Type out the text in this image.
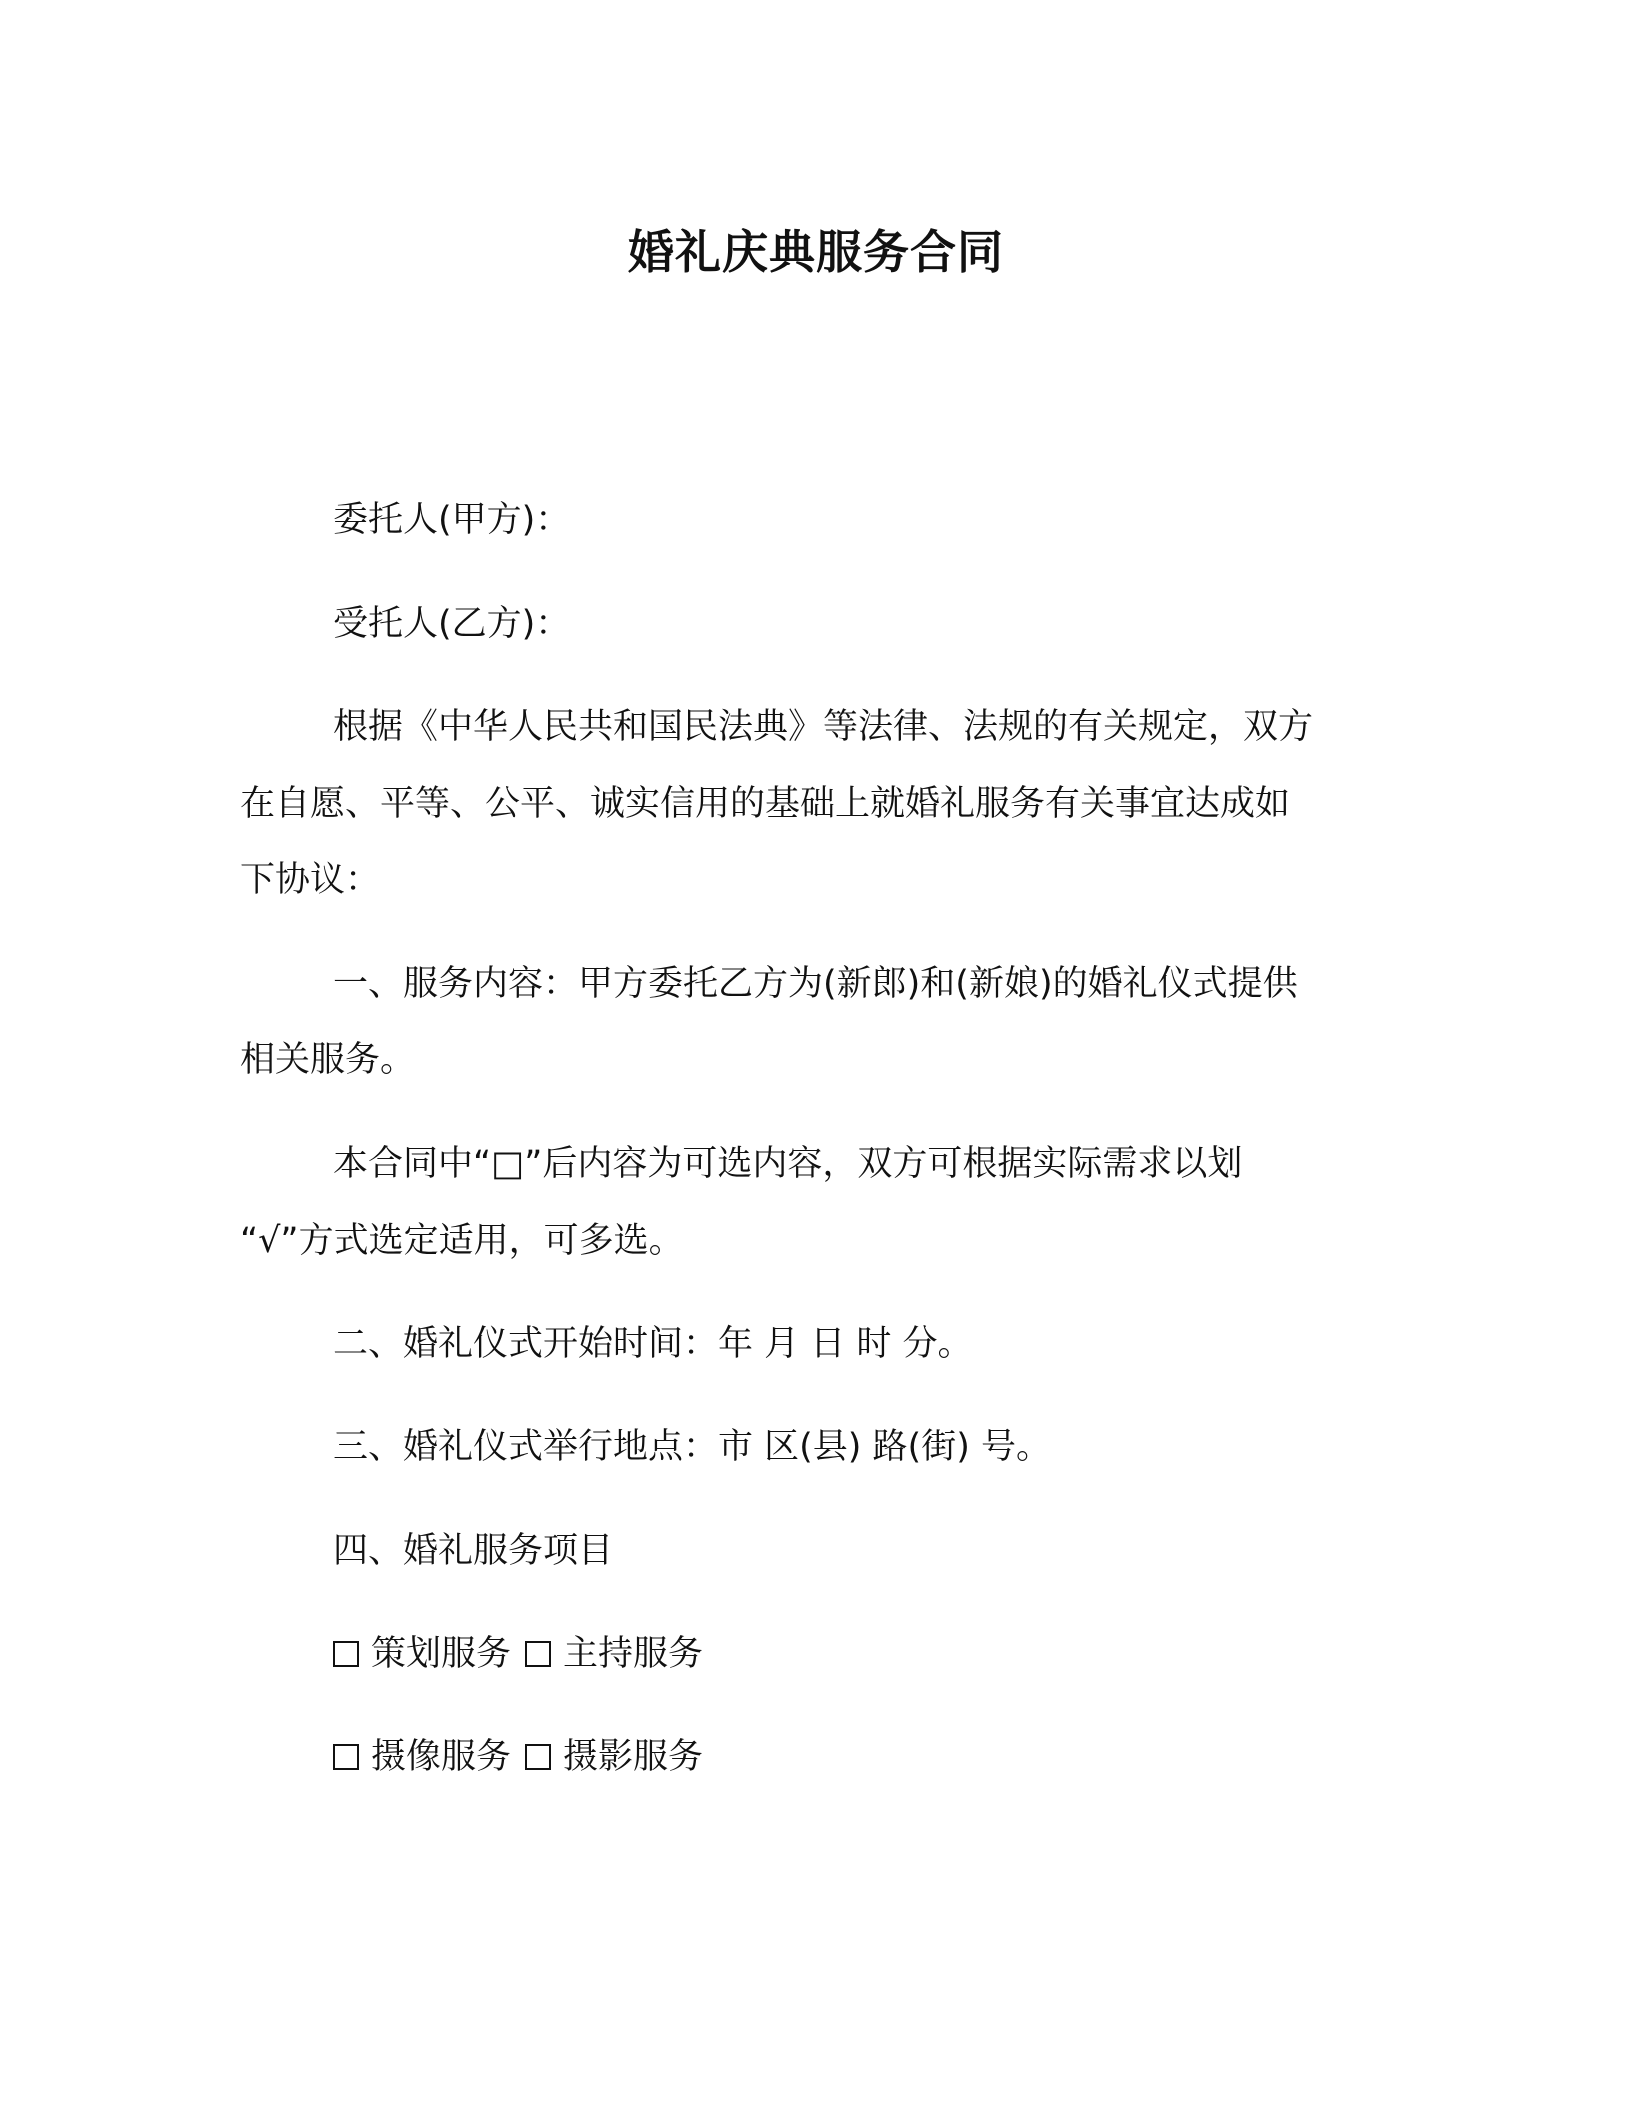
婚礼庆典服务合同
委托人(甲方)：
受托人(乙方)：
根据《中华人民共和国民法典》等法律、法规的有关规定，双方
在自愿、平等、公平、诚实信用的基础上就婚礼服务有关事宜达成如
下协议：
一、服务内容：甲方委托乙方为(新郎)和(新娘)的婚礼仪式提供
相关服务。
本合同中“□”后内容为可选内容，双方可根据实际需求以划
“√”方式选定适用，可多选。
二、婚礼仪式开始时间：年 月 日 时 分。
三、婚礼仪式举行地点：市 区(县) 路(街) 号。
四、婚礼服务项目
策划服务 主持服务
摄像服务 摄影服务
